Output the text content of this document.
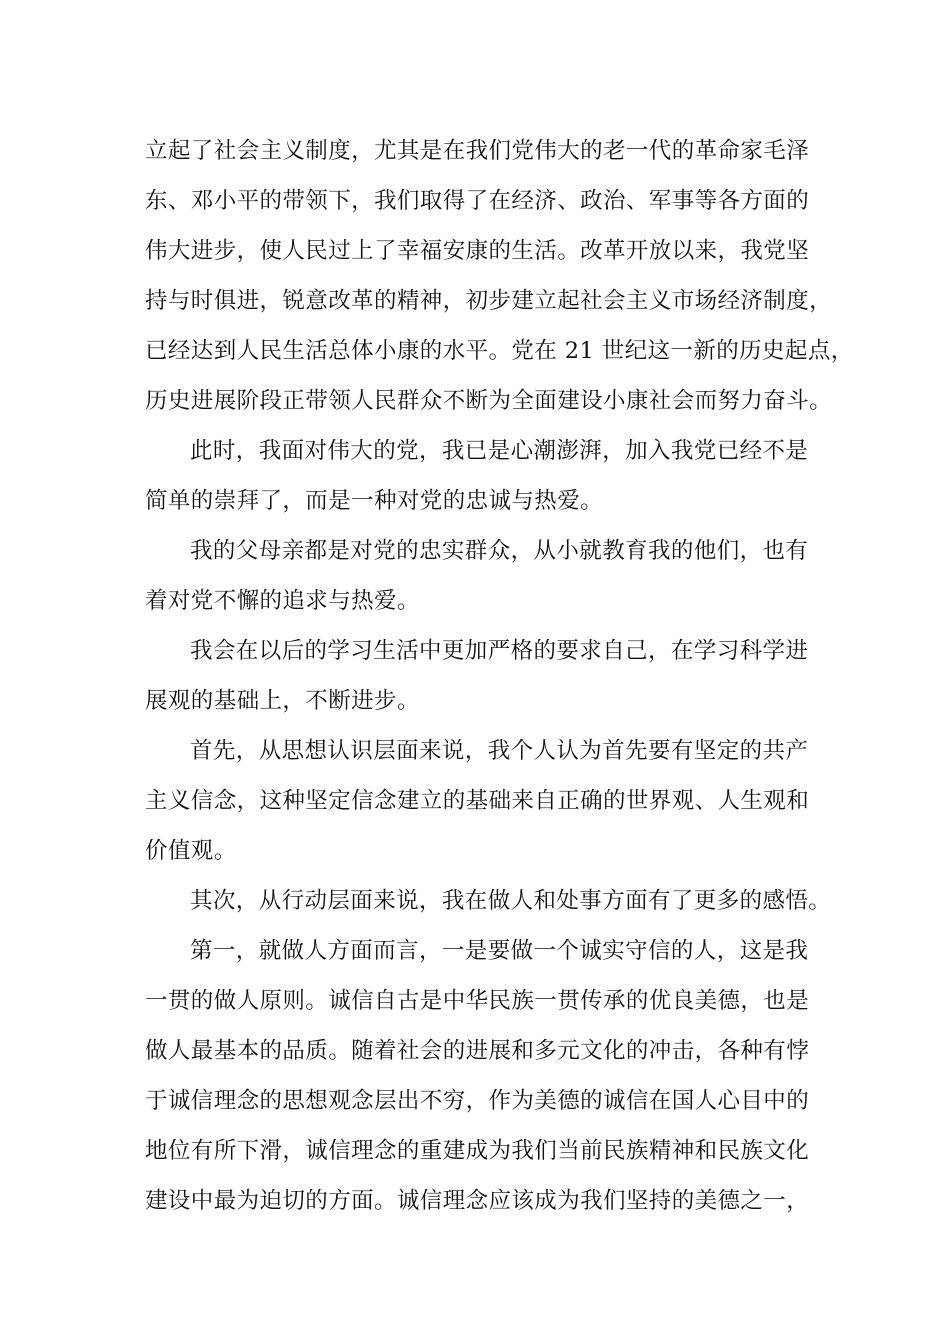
立起了社会主义制度，尤其是在我们党伟大的老一代的革命家毛泽
东、邓小平的带领下，我们取得了在经济、政治、军事等各方面的
伟大进步，使人民过上了幸福安康的生活。改革开放以来，我党坚
持与时俱进，锐意改革的精神，初步建立起社会主义市场经济制度，
已经达到人民生活总体小康的水平。党在 21 世纪这一新的历史起点，
历史进展阶段正带领人民群众不断为全面建设小康社会而努力奋斗。
此时，我面对伟大的党，我已是心潮澎湃，加入我党已经不是
简单的崇拜了，而是一种对党的忠诚与热爱。
我的父母亲都是对党的忠实群众，从小就教育我的他们，也有
着对党不懈的追求与热爱。
我会在以后的学习生活中更加严格的要求自己，在学习科学进
展观的基础上，不断进步。
首先，从思想认识层面来说，我个人认为首先要有坚定的共产
主义信念，这种坚定信念建立的基础来自正确的世界观、人生观和
价值观。
其次，从行动层面来说，我在做人和处事方面有了更多的感悟。
第一，就做人方面而言，一是要做一个诚实守信的人，这是我
一贯的做人原则。诚信自古是中华民族一贯传承的优良美德，也是
做人最基本的品质。随着社会的进展和多元文化的冲击，各种有悖
于诚信理念的思想观念层出不穷，作为美德的诚信在国人心目中的
地位有所下滑，诚信理念的重建成为我们当前民族精神和民族文化
建设中最为迫切的方面。诚信理念应该成为我们坚持的美德之一，
